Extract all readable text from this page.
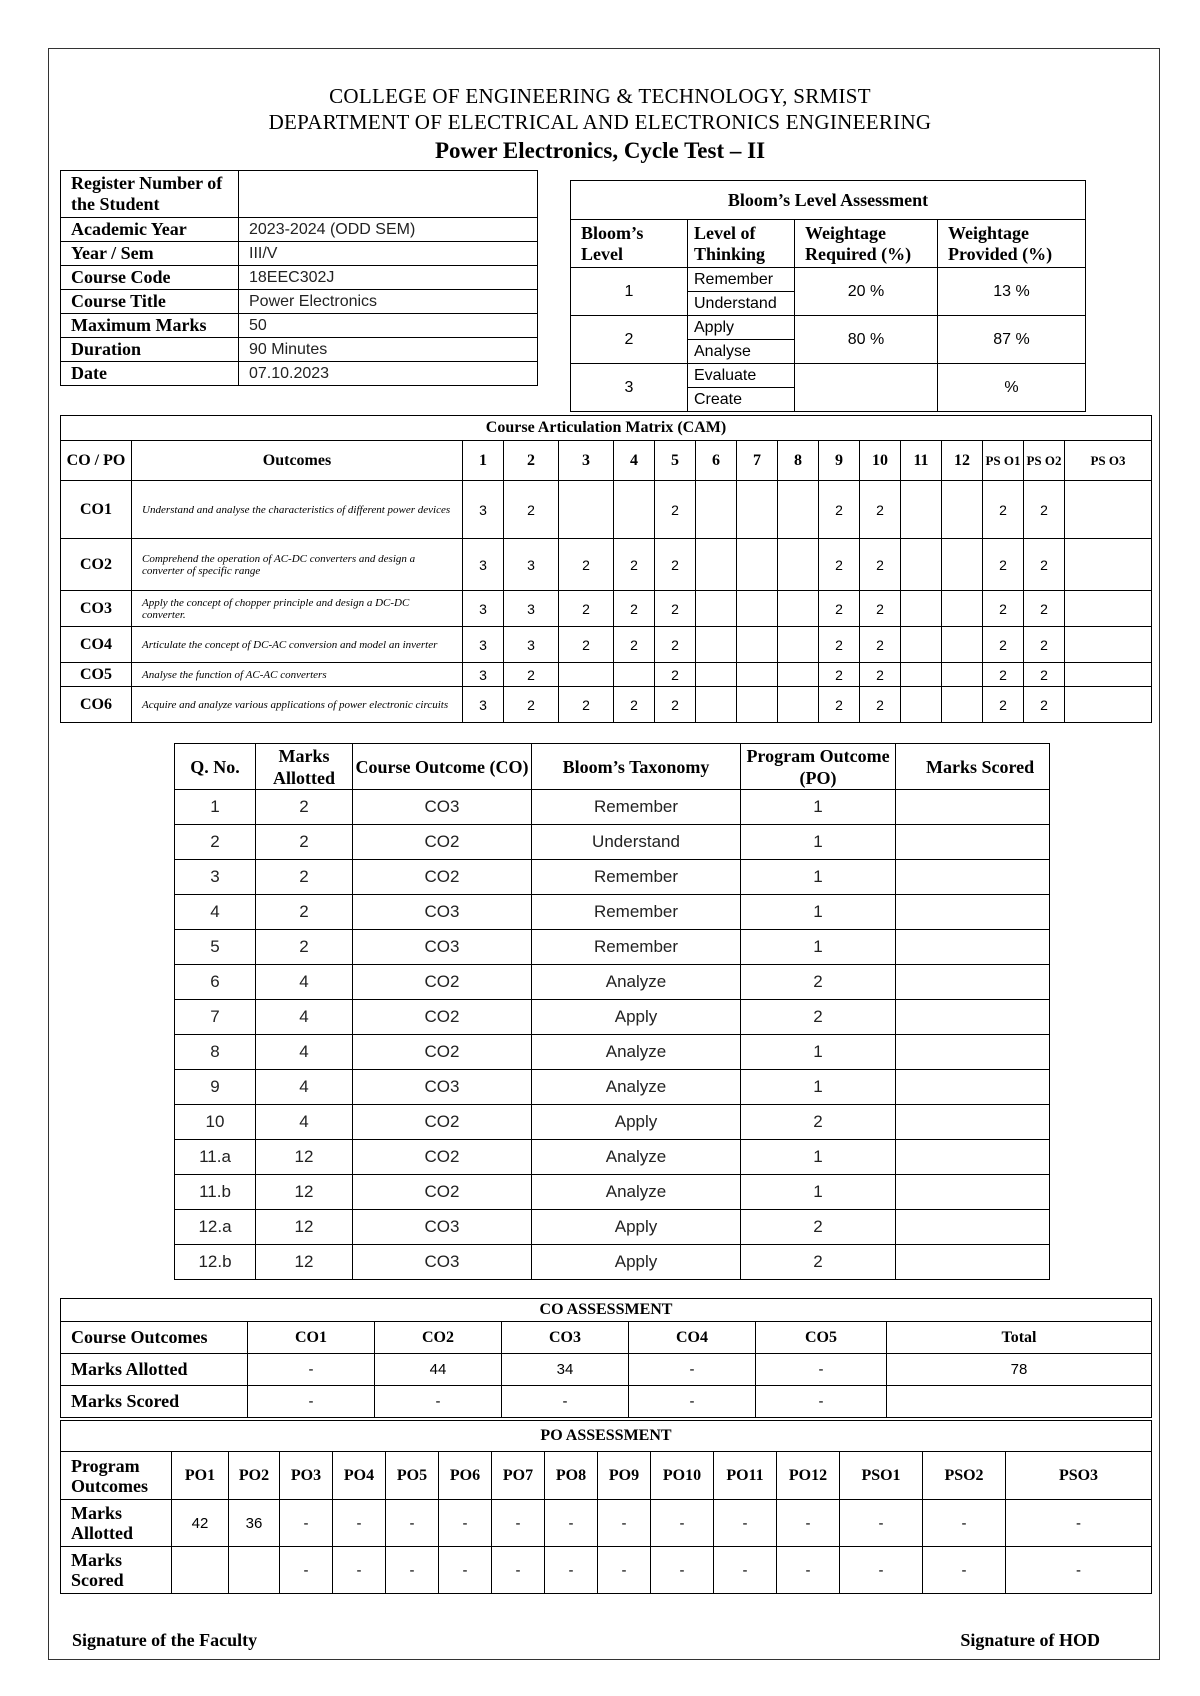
COLLEGE OF ENGINEERING & TECHNOLOGY, SRMIST
DEPARTMENT OF ELECTRICAL AND ELECTRONICS ENGINEERING
Power Electronics, Cycle Test – II
Register Number of the Student	
Academic Year	2023-2024 (ODD SEM)
Year / Sem	III/V
Course Code	18EEC302J
Course Title	Power Electronics
Maximum Marks	50
Duration	90 Minutes
Date	07.10.2023
Bloom’s Level Assessment			
Bloom’s Level	Level of Thinking	Weightage Required (%)	Weightage Provided (%)
1	Remember	20 %	13 %
	Understand		
2	Apply	80 %	87 %
	Analyse		
3	Evaluate		%
	Create		
Course Articulation Matrix (CAM)																
CO / PO	Outcomes	1	2	3	4	5	6	7	8	9	10	11	12	PS O1	PS O2	PS O3
CO1	Understand and analyse the characteristics of different power devices	3	2			2				2	2			2	2	
CO2	Comprehend the operation of AC-DC converters and design a converter of specific range	3	3	2	2	2				2	2			2	2	
CO3	Apply the concept of chopper principle and design a DC-DC converter.	3	3	2	2	2				2	2			2	2	
CO4	Articulate the concept of DC-AC conversion and model an inverter	3	3	2	2	2				2	2			2	2	
CO5	Analyse the function of AC-AC converters	3	2			2				2	2			2	2	
CO6	Acquire and analyze various applications of power electronic circuits	3	2	2	2	2				2	2			2	2	
Q. No.	Marks Allotted	Course Outcome (CO)	Bloom’s Taxonomy	Program Outcome (PO)	Marks Scored
1	2	CO3	Remember	1	
2	2	CO2	Understand	1	
3	2	CO2	Remember	1	
4	2	CO3	Remember	1	
5	2	CO3	Remember	1	
6	4	CO2	Analyze	2	
7	4	CO2	Apply	2	
8	4	CO2	Analyze	1	
9	4	CO3	Analyze	1	
10	4	CO2	Apply	2	
11.a	12	CO2	Analyze	1	
11.b	12	CO2	Analyze	1	
12.a	12	CO3	Apply	2	
12.b	12	CO3	Apply	2	
CO ASSESSMENT						
Course Outcomes	CO1	CO2	CO3	CO4	CO5	Total
Marks Allotted	-	44	34	-	-	78
Marks Scored	-	-	-	-	-	
PO ASSESSMENT															
Program Outcomes	PO1	PO2	PO3	PO4	PO5	PO6	PO7	PO8	PO9	PO10	PO11	PO12	PSO1	PSO2	PSO3
Marks Allotted	42	36	-	-	-	-	-	-	-	-	-	-	-	-	-
Marks Scored			-	-	-	-	-	-	-	-	-	-	-	-	-
Signature of the Faculty	Signature of HOD
